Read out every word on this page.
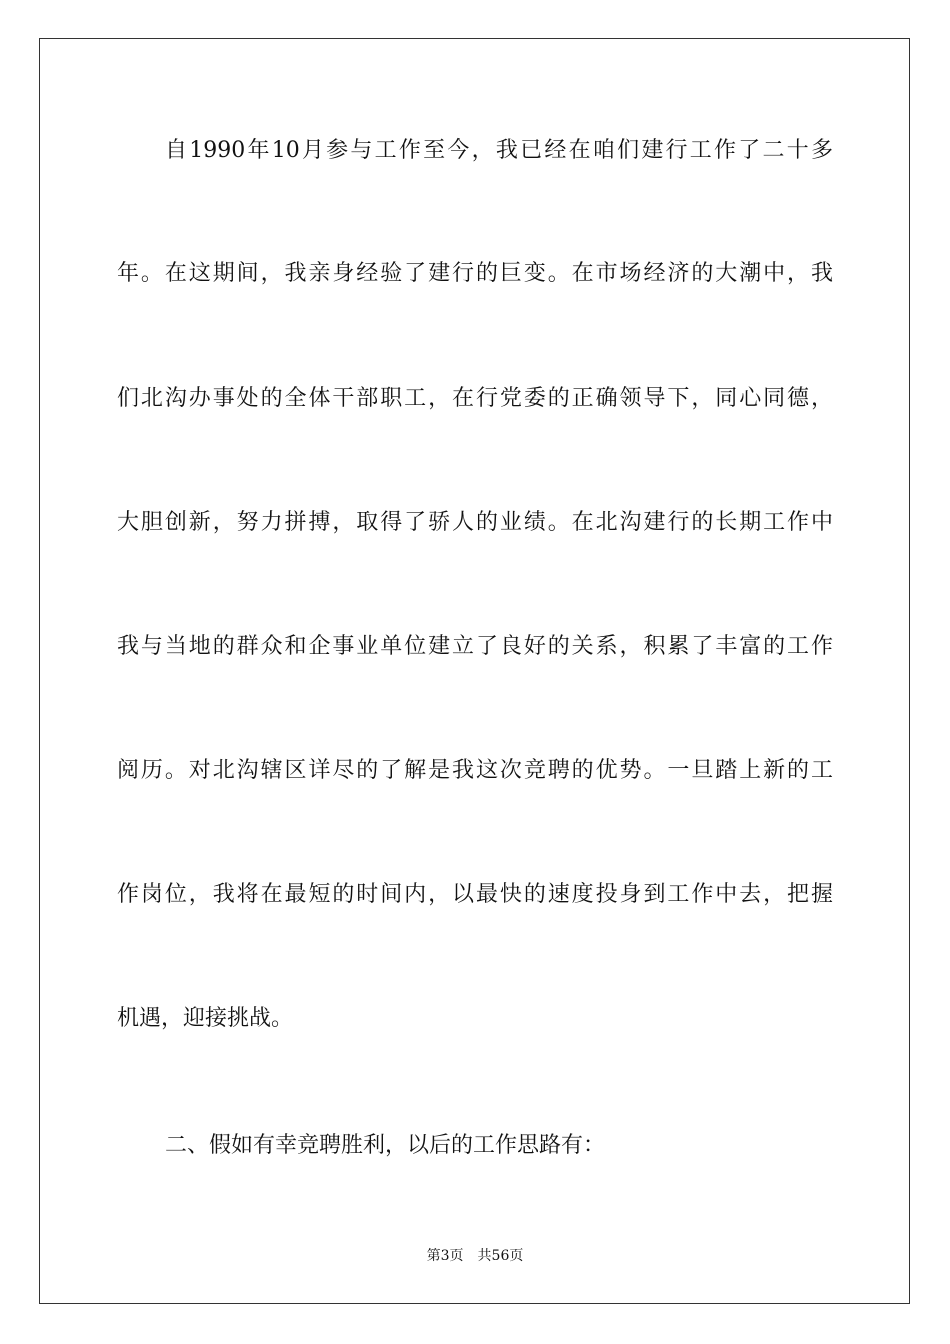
自1990年10月参与工作至今，我已经在咱们建行工作了二十多
年。在这期间，我亲身经验了建行的巨变。在市场经济的大潮中，我
们北沟办事处的全体干部职工，在行党委的正确领导下，同心同德，
大胆创新，努力拼搏，取得了骄人的业绩。在北沟建行的长期工作中
我与当地的群众和企事业单位建立了良好的关系，积累了丰富的工作
阅历。对北沟辖区详尽的了解是我这次竞聘的优势。一旦踏上新的工
作岗位，我将在最短的时间内，以最快的速度投身到工作中去，把握
机遇，迎接挑战。
二、假如有幸竞聘胜利，以后的工作思路有：
第3页 共56页
